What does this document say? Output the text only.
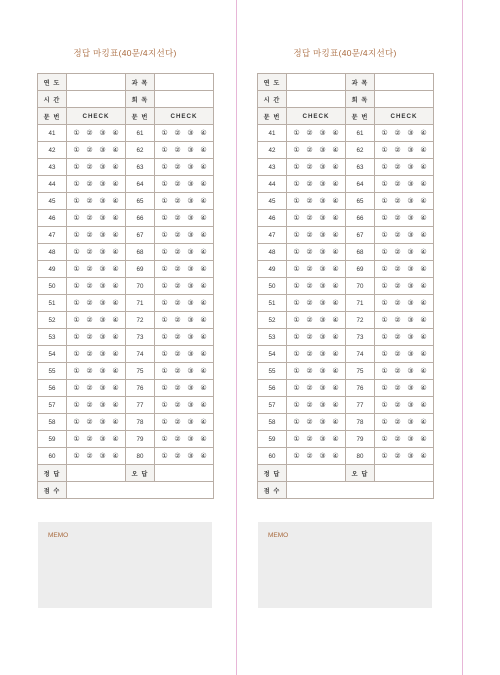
정답 마킹표(40문/4지선다)
연 도		과 목	
시 간		회 독	
문 번	CHECK	문 번	CHECK
41	① ② ③ ④	61	① ② ③ ④
42	① ② ③ ④	62	① ② ③ ④
43	① ② ③ ④	63	① ② ③ ④
44	① ② ③ ④	64	① ② ③ ④
45	① ② ③ ④	65	① ② ③ ④
46	① ② ③ ④	66	① ② ③ ④
47	① ② ③ ④	67	① ② ③ ④
48	① ② ③ ④	68	① ② ③ ④
49	① ② ③ ④	69	① ② ③ ④
50	① ② ③ ④	70	① ② ③ ④
51	① ② ③ ④	71	① ② ③ ④
52	① ② ③ ④	72	① ② ③ ④
53	① ② ③ ④	73	① ② ③ ④
54	① ② ③ ④	74	① ② ③ ④
55	① ② ③ ④	75	① ② ③ ④
56	① ② ③ ④	76	① ② ③ ④
57	① ② ③ ④	77	① ② ③ ④
58	① ② ③ ④	78	① ② ③ ④
59	① ② ③ ④	79	① ② ③ ④
60	① ② ③ ④	80	① ② ③ ④
정 답		오 답	
점 수			
MEMO
정답 마킹표(40문/4지선다)
연 도		과 목	
시 간		회 독	
문 번	CHECK	문 번	CHECK
41	① ② ③ ④	61	① ② ③ ④
42	① ② ③ ④	62	① ② ③ ④
43	① ② ③ ④	63	① ② ③ ④
44	① ② ③ ④	64	① ② ③ ④
45	① ② ③ ④	65	① ② ③ ④
46	① ② ③ ④	66	① ② ③ ④
47	① ② ③ ④	67	① ② ③ ④
48	① ② ③ ④	68	① ② ③ ④
49	① ② ③ ④	69	① ② ③ ④
50	① ② ③ ④	70	① ② ③ ④
51	① ② ③ ④	71	① ② ③ ④
52	① ② ③ ④	72	① ② ③ ④
53	① ② ③ ④	73	① ② ③ ④
54	① ② ③ ④	74	① ② ③ ④
55	① ② ③ ④	75	① ② ③ ④
56	① ② ③ ④	76	① ② ③ ④
57	① ② ③ ④	77	① ② ③ ④
58	① ② ③ ④	78	① ② ③ ④
59	① ② ③ ④	79	① ② ③ ④
60	① ② ③ ④	80	① ② ③ ④
정 답		오 답	
점 수			
MEMO
